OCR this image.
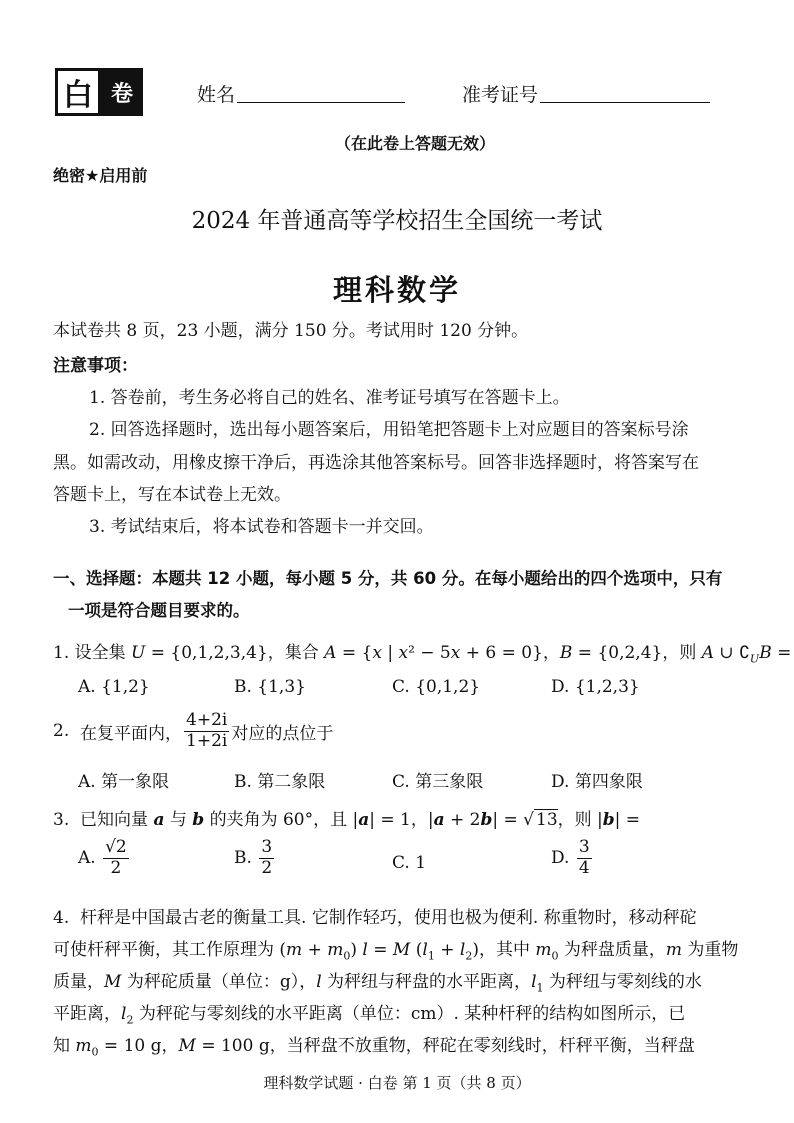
白 卷	姓名	准考证号
（在此卷上答题无效）
绝密★启用前
2024 年普通高等学校招生全国统一考试
理科数学
本试卷共 8 页，23 小题，满分 150 分。考试用时 120 分钟。
注意事项：
1. 答卷前，考生务必将自己的姓名、准考证号填写在答题卡上。
2. 回答选择题时，选出每小题答案后，用铅笔把答题卡上对应题目的答案标号涂
黑。如需改动，用橡皮擦干净后，再选涂其他答案标号。回答非选择题时，将答案写在
答题卡上，写在本试卷上无效。
3. 考试结束后，将本试卷和答题卡一并交回。
一、选择题：本题共 12 小题，每小题 5 分，共 60 分。在每小题给出的四个选项中，只有
一项是符合题目要求的。
1. 设全集 U = {0,1,2,3,4}，集合 A = {x | x² − 5x + 6 = 0}，B = {0,2,4}，则 A ∪ $∁_UB$ =
A. {1,2}	B. {1,3}	C. {0,1,2}	D. {1,2,3}
2.
在复平面内， $\frac{4+2i}{1+2i}$ 对应的点位于
A. 第一象限	B. 第二象限	C. 第三象限	D. 第四象限
3. 已知向量 a 与 b 的夹角为 60°，且 |a| = 1，|a + 2b| = √ 13，则 |b| =
A.
$\frac{√2}{2}$	B.
$\frac{3}{2}$	C. 1	D.
$\frac{3}{4}$
4. 杆秤是中国最古老的衡量工具. 它制作轻巧，使用也极为便利. 称重物时，移动秤砣
可使杆秤平衡，其工作原理为 $(m + m_0)$ l = M $(l_1 + l_2)$，其中 $m_0$ 为秤盘质量，m 为重物
质量，M 为秤砣质量（单位：g），l 为秤纽与秤盘的水平距离，$l_1$ 为秤纽与零刻线的水
平距离，$l_2$ 为秤砣与零刻线的水平距离（单位：cm）. 某种杆秤的结构如图所示，已
知 $m_0 = 10$ g，M = 100 g，当秤盘不放重物，秤砣在零刻线时，杆秤平衡，当秤盘
理科数学试题 · 白卷 第 1 页（共 8 页）
